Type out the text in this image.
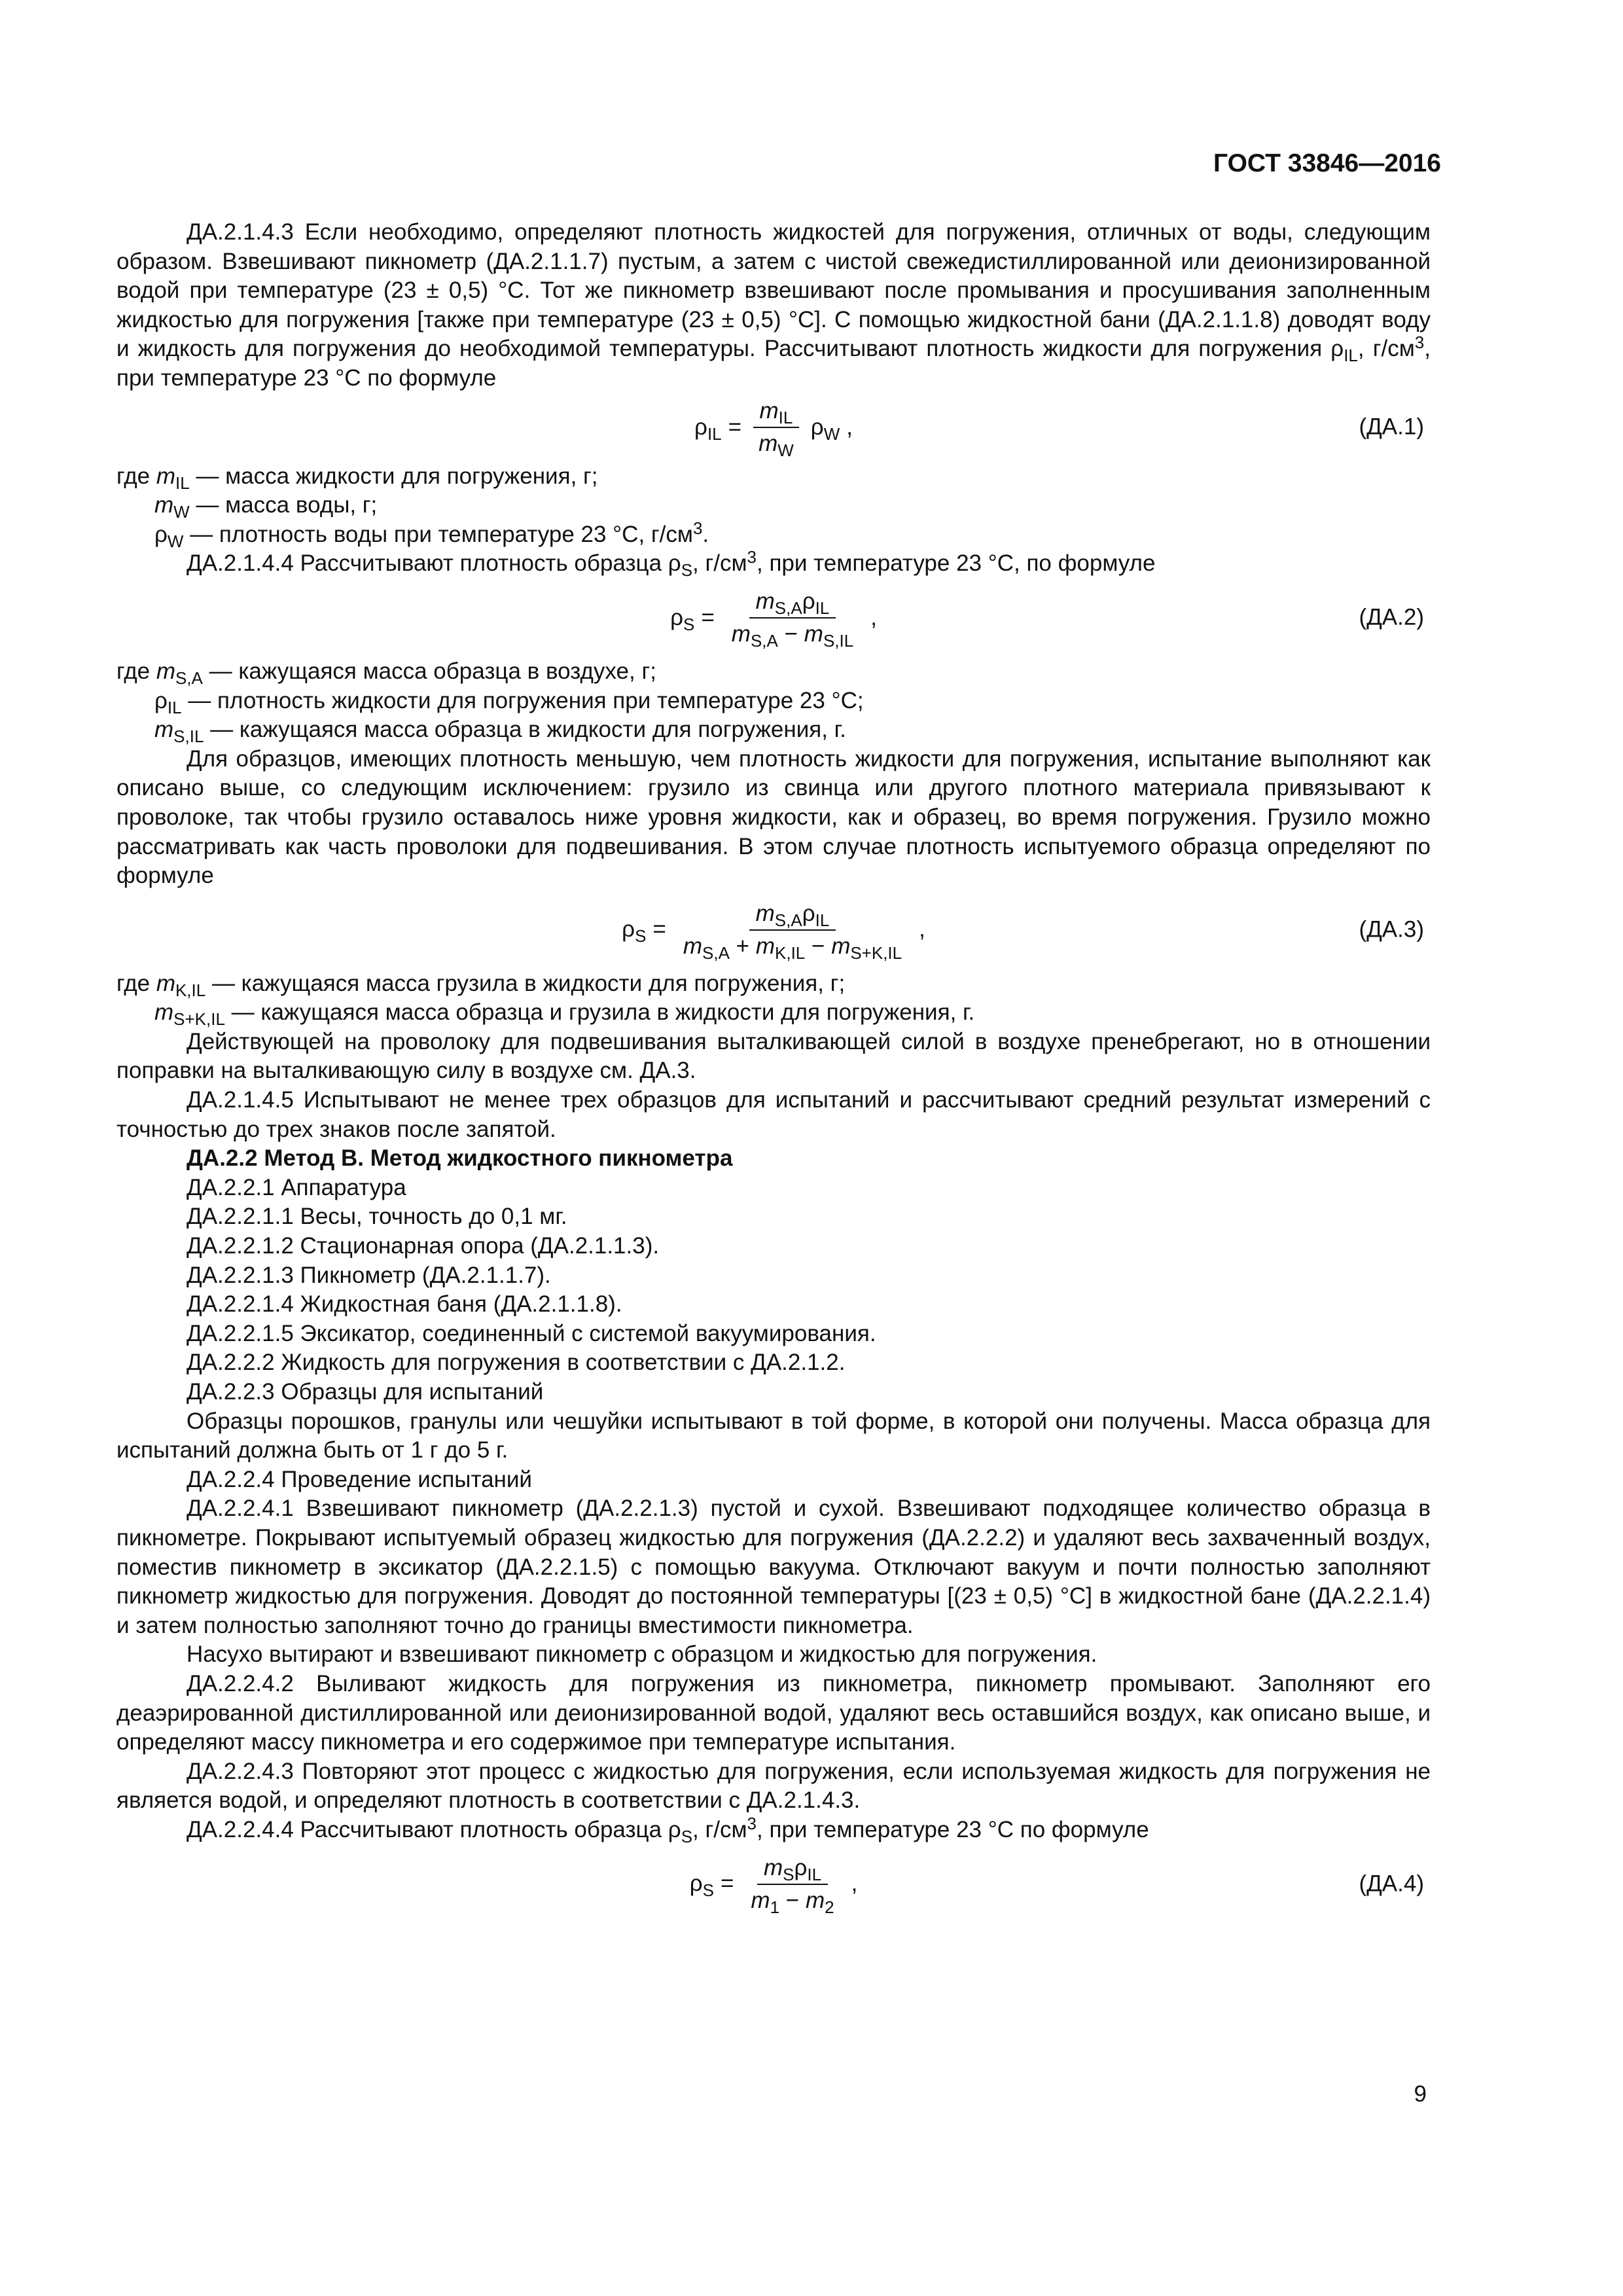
ГОСТ 33846—2016

ДА.2.1.4.3 Если необходимо, определяют плотность жидкостей для погружения, отличных от воды, следующим образом. Взвешивают пикнометр (ДА.2.1.1.7) пустым, а затем с чистой свежедистиллированной или деионизированной водой при температуре (23 ± 0,5) °С. Тот же пикнометр взвешивают после промывания и просушивания заполненным жидкостью для погружения [также при температуре (23 ± 0,5) °С]. С помощью жидкостной бани (ДА.2.1.1.8) доводят воду и жидкость для погружения до необходимой температуры. Рассчитывают плотность жидкости для погружения $\rho_{IL}$, $г/см^3$, при температуре 23 °С по формуле

$\rho_{IL} = \frac{m_{IL}}{m_W} \rho_W$ ,	(ДА.1)
где $m_{IL}$ — масса жидкости для погружения, г;
$m_W$ — масса воды, г;
$\rho_W$ — плотность воды при температуре 23 °С, $г/см^3$.

ДА.2.1.4.4 Рассчитывают плотность образца $\rho_S$, $г/см^3$, при температуре 23 °С, по формуле

$\rho_S = \frac{m_{S,A}\rho_{IL}}{m_{S,A} - m_{S,IL}}$ ,	(ДА.2)
где $m_{S,A}$ — кажущаяся масса образца в воздухе, г;
$\rho_{IL}$ — плотность жидкости для погружения при температуре 23 °С;
$m_{S,IL}$ — кажущаяся масса образца в жидкости для погружения, г.

Для образцов, имеющих плотность меньшую, чем плотность жидкости для погружения, испытание выполняют как описано выше, со следующим исключением: грузило из свинца или другого плотного материала привязывают к проволоке, так чтобы грузило оставалось ниже уровня жидкости, как и образец, во время погружения. Грузило можно рассматривать как часть проволоки для подвешивания. В этом случае плотность испытуемого образца определяют по формуле

$\rho_S = \frac{m_{S,A}\rho_{IL}}{m_{S,A} + m_{K,IL} - m_{S+K,IL}}$ ,	(ДА.3)
где $m_{K,IL}$ — кажущаяся масса грузила в жидкости для погружения, г;
$m_{S+K,IL}$ — кажущаяся масса образца и грузила в жидкости для погружения, г.

Действующей на проволоку для подвешивания выталкивающей силой в воздухе пренебрегают, но в отношении поправки на выталкивающую силу в воздухе см. ДА.3.

ДА.2.1.4.5 Испытывают не менее трех образцов для испытаний и рассчитывают средний результат измерений с точностью до трех знаков после запятой.

ДА.2.2 Метод В. Метод жидкостного пикнометра

ДА.2.2.1 Аппаратура

ДА.2.2.1.1 Весы, точность до 0,1 мг.

ДА.2.2.1.2 Стационарная опора (ДА.2.1.1.3).

ДА.2.2.1.3 Пикнометр (ДА.2.1.1.7).

ДА.2.2.1.4 Жидкостная баня (ДА.2.1.1.8).

ДА.2.2.1.5 Эксикатор, соединенный с системой вакуумирования.

ДА.2.2.2 Жидкость для погружения в соответствии с ДА.2.1.2.

ДА.2.2.3 Образцы для испытаний

Образцы порошков, гранулы или чешуйки испытывают в той форме, в которой они получены. Масса образца для испытаний должна быть от 1 г до 5 г.

ДА.2.2.4 Проведение испытаний

ДА.2.2.4.1 Взвешивают пикнометр (ДА.2.2.1.3) пустой и сухой. Взвешивают подходящее количество образца в пикнометре. Покрывают испытуемый образец жидкостью для погружения (ДА.2.2.2) и удаляют весь захваченный воздух, поместив пикнометр в эксикатор (ДА.2.2.1.5) с помощью вакуума. Отключают вакуум и почти полностью заполняют пикнометр жидкостью для погружения. Доводят до постоянной температуры [(23 ± 0,5) °С] в жидкостной бане (ДА.2.2.1.4) и затем полностью заполняют точно до границы вместимости пикнометра.

Насухо вытирают и взвешивают пикнометр с образцом и жидкостью для погружения.

ДА.2.2.4.2 Выливают жидкость для погружения из пикнометра, пикнометр промывают. Заполняют его деаэрированной дистиллированной или деионизированной водой, удаляют весь оставшийся воздух, как описано выше, и определяют массу пикнометра и его содержимое при температуре испытания.

ДА.2.2.4.3 Повторяют этот процесс с жидкостью для погружения, если используемая жидкость для погружения не является водой, и определяют плотность в соответствии с ДА.2.1.4.3.

ДА.2.2.4.4 Рассчитывают плотность образца $\rho_S$, $г/см^3$, при температуре 23 °С по формуле

$\rho_S = \frac{m_S\rho_{IL}}{m_1 - m_2}$ ,	(ДА.4)
9
